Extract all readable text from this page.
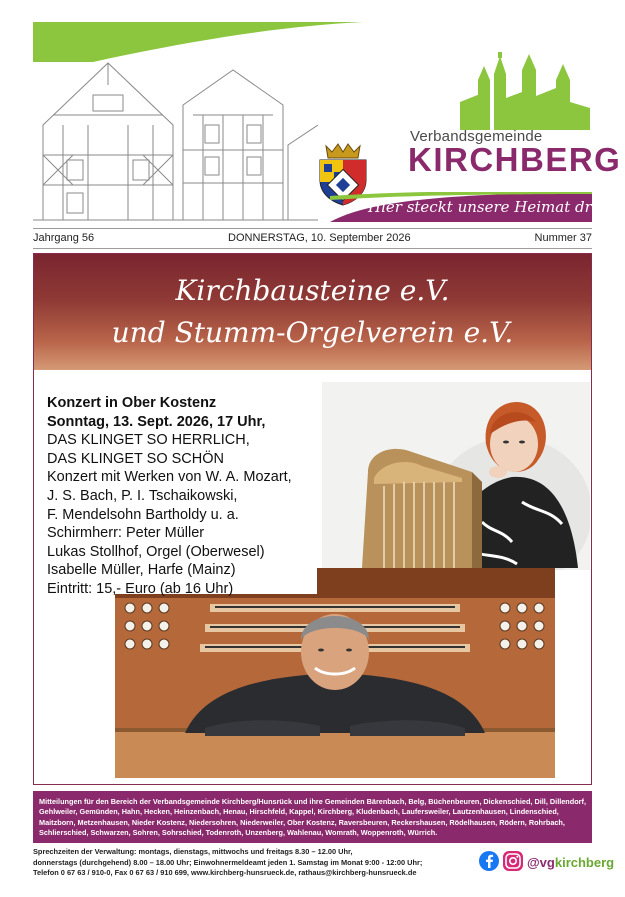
Verbandsgemeinde
KIRCHBERG
Hier steckt unsere Heimat drin!
Jahrgang 56	DONNERSTAG, 10. September 2026	Nummer 37
Kirchbausteine e.V.
und Stumm-Orgelverein e.V.
Konzert in Ober Kostenz
Sonntag, 13. Sept. 2026, 17 Uhr,
DAS KLINGET SO HERRLICH,
DAS KLINGET SO SCHÖN
Konzert mit Werken von W. A. Mozart,
J. S. Bach, P. I. Tschaikowski,
F. Mendelsohn Bartholdy u. a.
Schirmherr: Peter Müller
Lukas Stollhof, Orgel (Oberwesel)
Isabelle Müller, Harfe (Mainz)
Eintritt: 15,- Euro (ab 16 Uhr)
Mitteilungen für den Bereich der Verbandsgemeinde Kirchberg/Hunsrück und ihre Gemeinden Bärenbach, Belg, Büchenbeuren, Dickenschied, Dill, Dillendorf, Gehlweiler, Gemünden, Hahn, Hecken, Heinzenbach, Henau, Hirschfeld, Kappel, Kirchberg, Kludenbach, Laufersweiler, Lautzenhausen, Lindenschied, Maitzborn, Metzenhausen, Nieder Kostenz, Niedersohren, Niederweiler, Ober Kostenz, Raversbeuren, Reckershausen, Rödelhausen, Rödern, Rohrbach, Schlierschied, Schwarzen, Sohren, Sohrschied, Todenroth, Unzenberg, Wahlenau, Womrath, Woppenroth, Würrich.
Sprechzeiten der Verwaltung: montags, dienstags, mittwochs und freitags 8.30 – 12.00 Uhr,
donnerstags (durchgehend) 8.00 – 18.00 Uhr; Einwohnermeldeamt jeden 1. Samstag im Monat 9:00 - 12:00 Uhr;
Telefon 0 67 63 / 910-0, Fax 0 67 63 / 910 699, www.kirchberg-hunsrueck.de, rathaus@kirchberg-hunsrueck.de
@vgkirchberg
